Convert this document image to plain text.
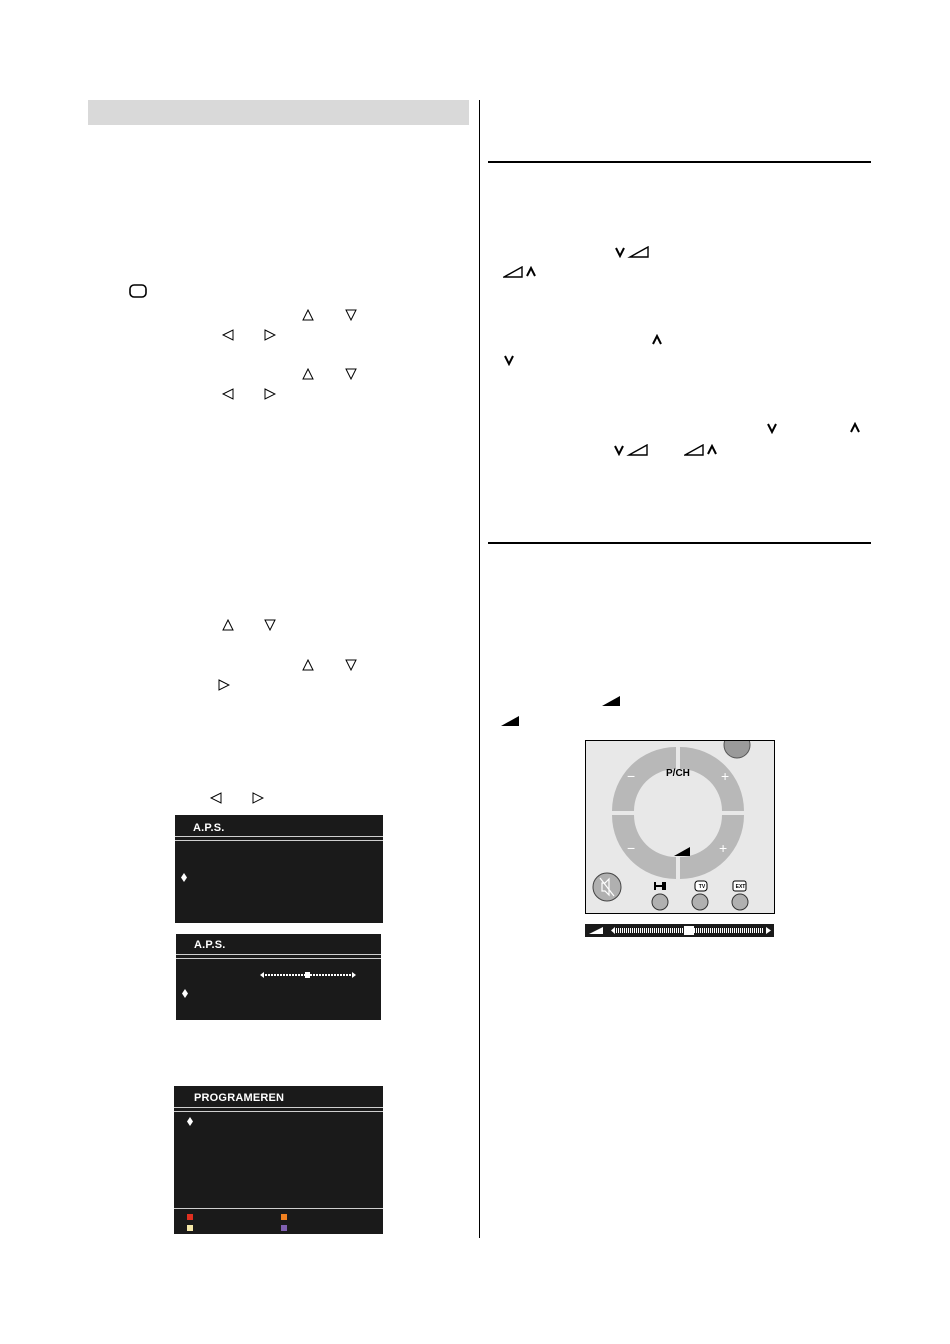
A.P.S.
A.P.S.
PROGRAMEREN
P/CH
−	+
−	+
TV	EXT
